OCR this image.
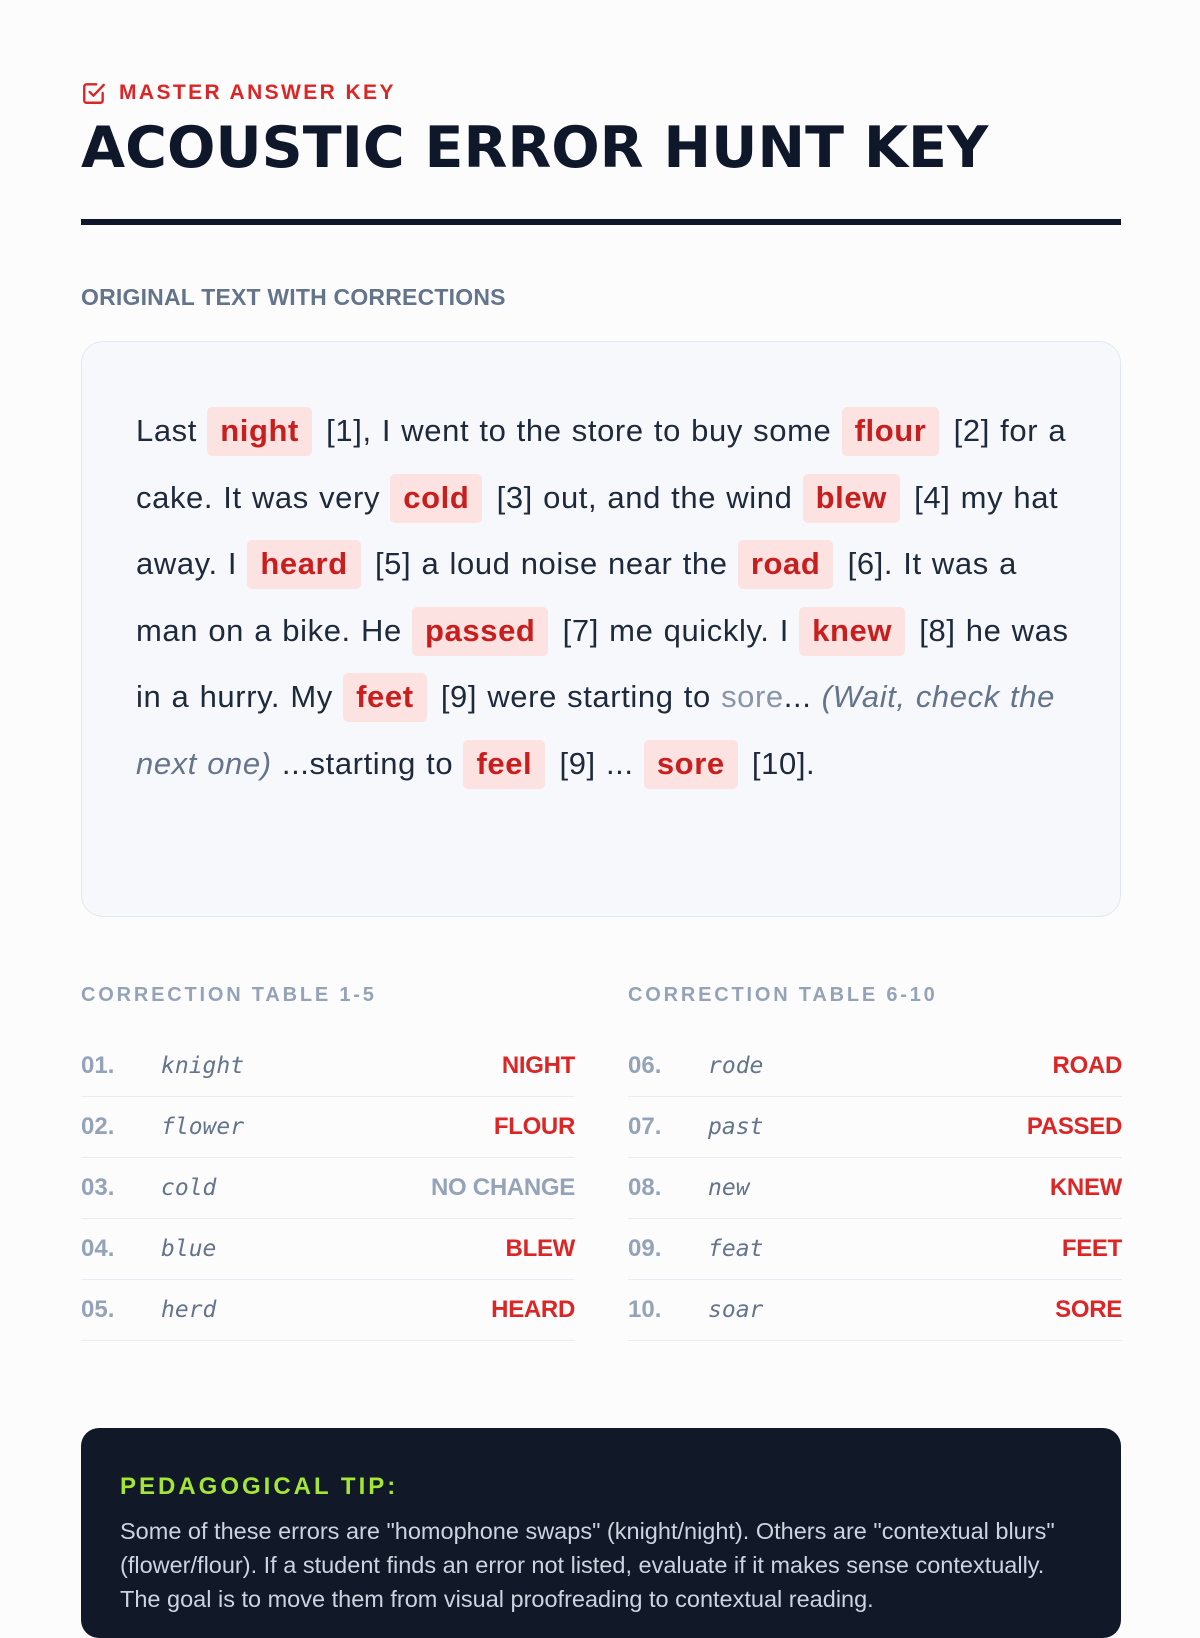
MASTER ANSWER KEY
ACOUSTIC ERROR HUNT KEY
ORIGINAL TEXT WITH CORRECTIONS
Last night [1], I went to the store to buy some flour [2] for a cake. It was very cold [3] out, and the wind blew [4] my hat away. I heard [5] a loud noise near the road [6]. It was a man on a bike. He passed [7] me quickly. I knew [8] he was in a hurry. My feet [9] were starting to sore... (Wait, check the next one) ...starting to feel [9] ... sore [10].
CORRECTION TABLE 1-5
01.	knight	NIGHT
02.	flower	FLOUR
03.	cold	NO CHANGE
04.	blue	BLEW
05.	herd	HEARD
CORRECTION TABLE 6-10
06.	rode	ROAD
07.	past	PASSED
08.	new	KNEW
09.	feat	FEET
10.	soar	SORE
PEDAGOGICAL TIP:
Some of these errors are "homophone swaps" (knight/night). Others are "contextual blurs" (flower/flour). If a student finds an error not listed, evaluate if it makes sense contextually. The goal is to move them from visual proofreading to contextual reading.
